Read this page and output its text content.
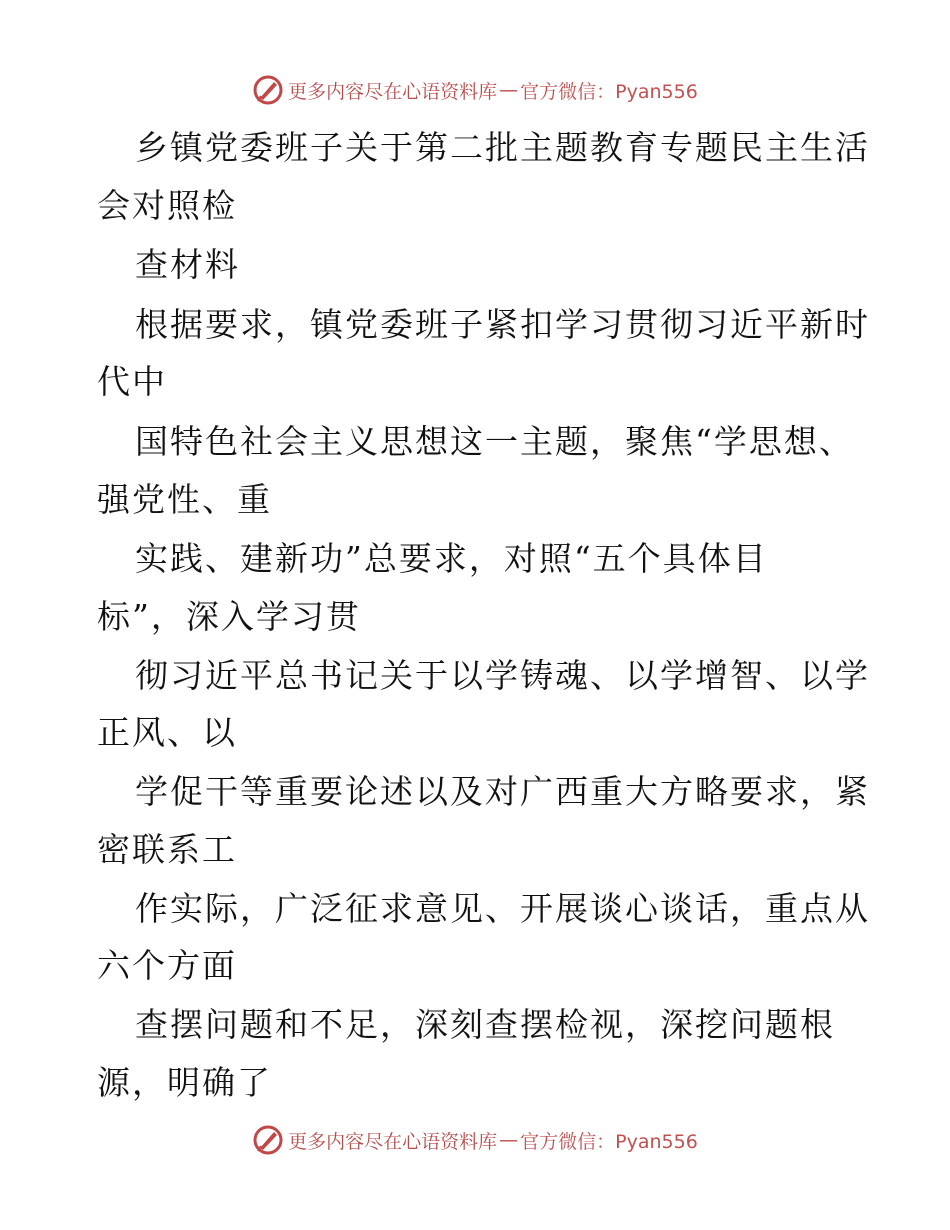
更多内容尽在心语资料库 — 官方微信：Pyan556
乡镇党委班子关于第二批主题教育专题民主生活
会对照检
查材料
根据要求，镇党委班子紧扣学习贯彻习近平新时
代中
国特色社会主义思想这一主题，聚焦“学思想、
强党性、重
实践、建新功”总要求，对照“五个具体目
标”，深入学习贯
彻习近平总书记关于以学铸魂、以学增智、以学
正风、以
学促干等重要论述以及对广西重大方略要求，紧
密联系工
作实际，广泛征求意见、开展谈心谈话，重点从
六个方面
查摆问题和不足，深刻查摆检视，深挖问题根
源，明确了
更多内容尽在心语资料库 — 官方微信：Pyan556
